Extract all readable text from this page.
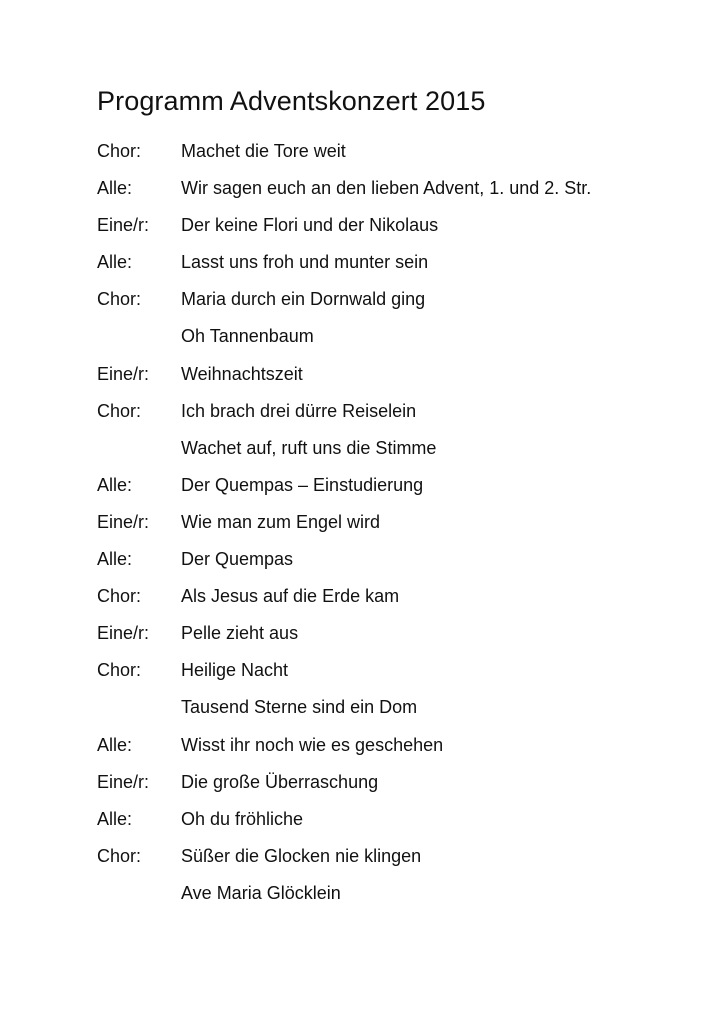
Programm Adventskonzert 2015
Chor:	Machet die Tore weit
Alle:	Wir sagen euch an den lieben Advent, 1. und 2. Str.
Eine/r:	Der keine Flori und der Nikolaus
Alle:	Lasst uns froh und munter sein
Chor:	Maria durch ein Dornwald ging
Oh Tannenbaum
Eine/r:	Weihnachtszeit
Chor:	Ich brach drei dürre Reiselein
Wachet auf, ruft uns die Stimme
Alle:	Der Quempas – Einstudierung
Eine/r:	Wie man zum Engel wird
Alle:	Der Quempas
Chor:	Als Jesus auf die Erde kam
Eine/r:	Pelle zieht aus
Chor:	Heilige Nacht
Tausend Sterne sind ein Dom
Alle:	Wisst ihr noch wie es geschehen
Eine/r:	Die große Überraschung
Alle:	Oh du fröhliche
Chor:	Süßer die Glocken nie klingen
Ave Maria Glöcklein
